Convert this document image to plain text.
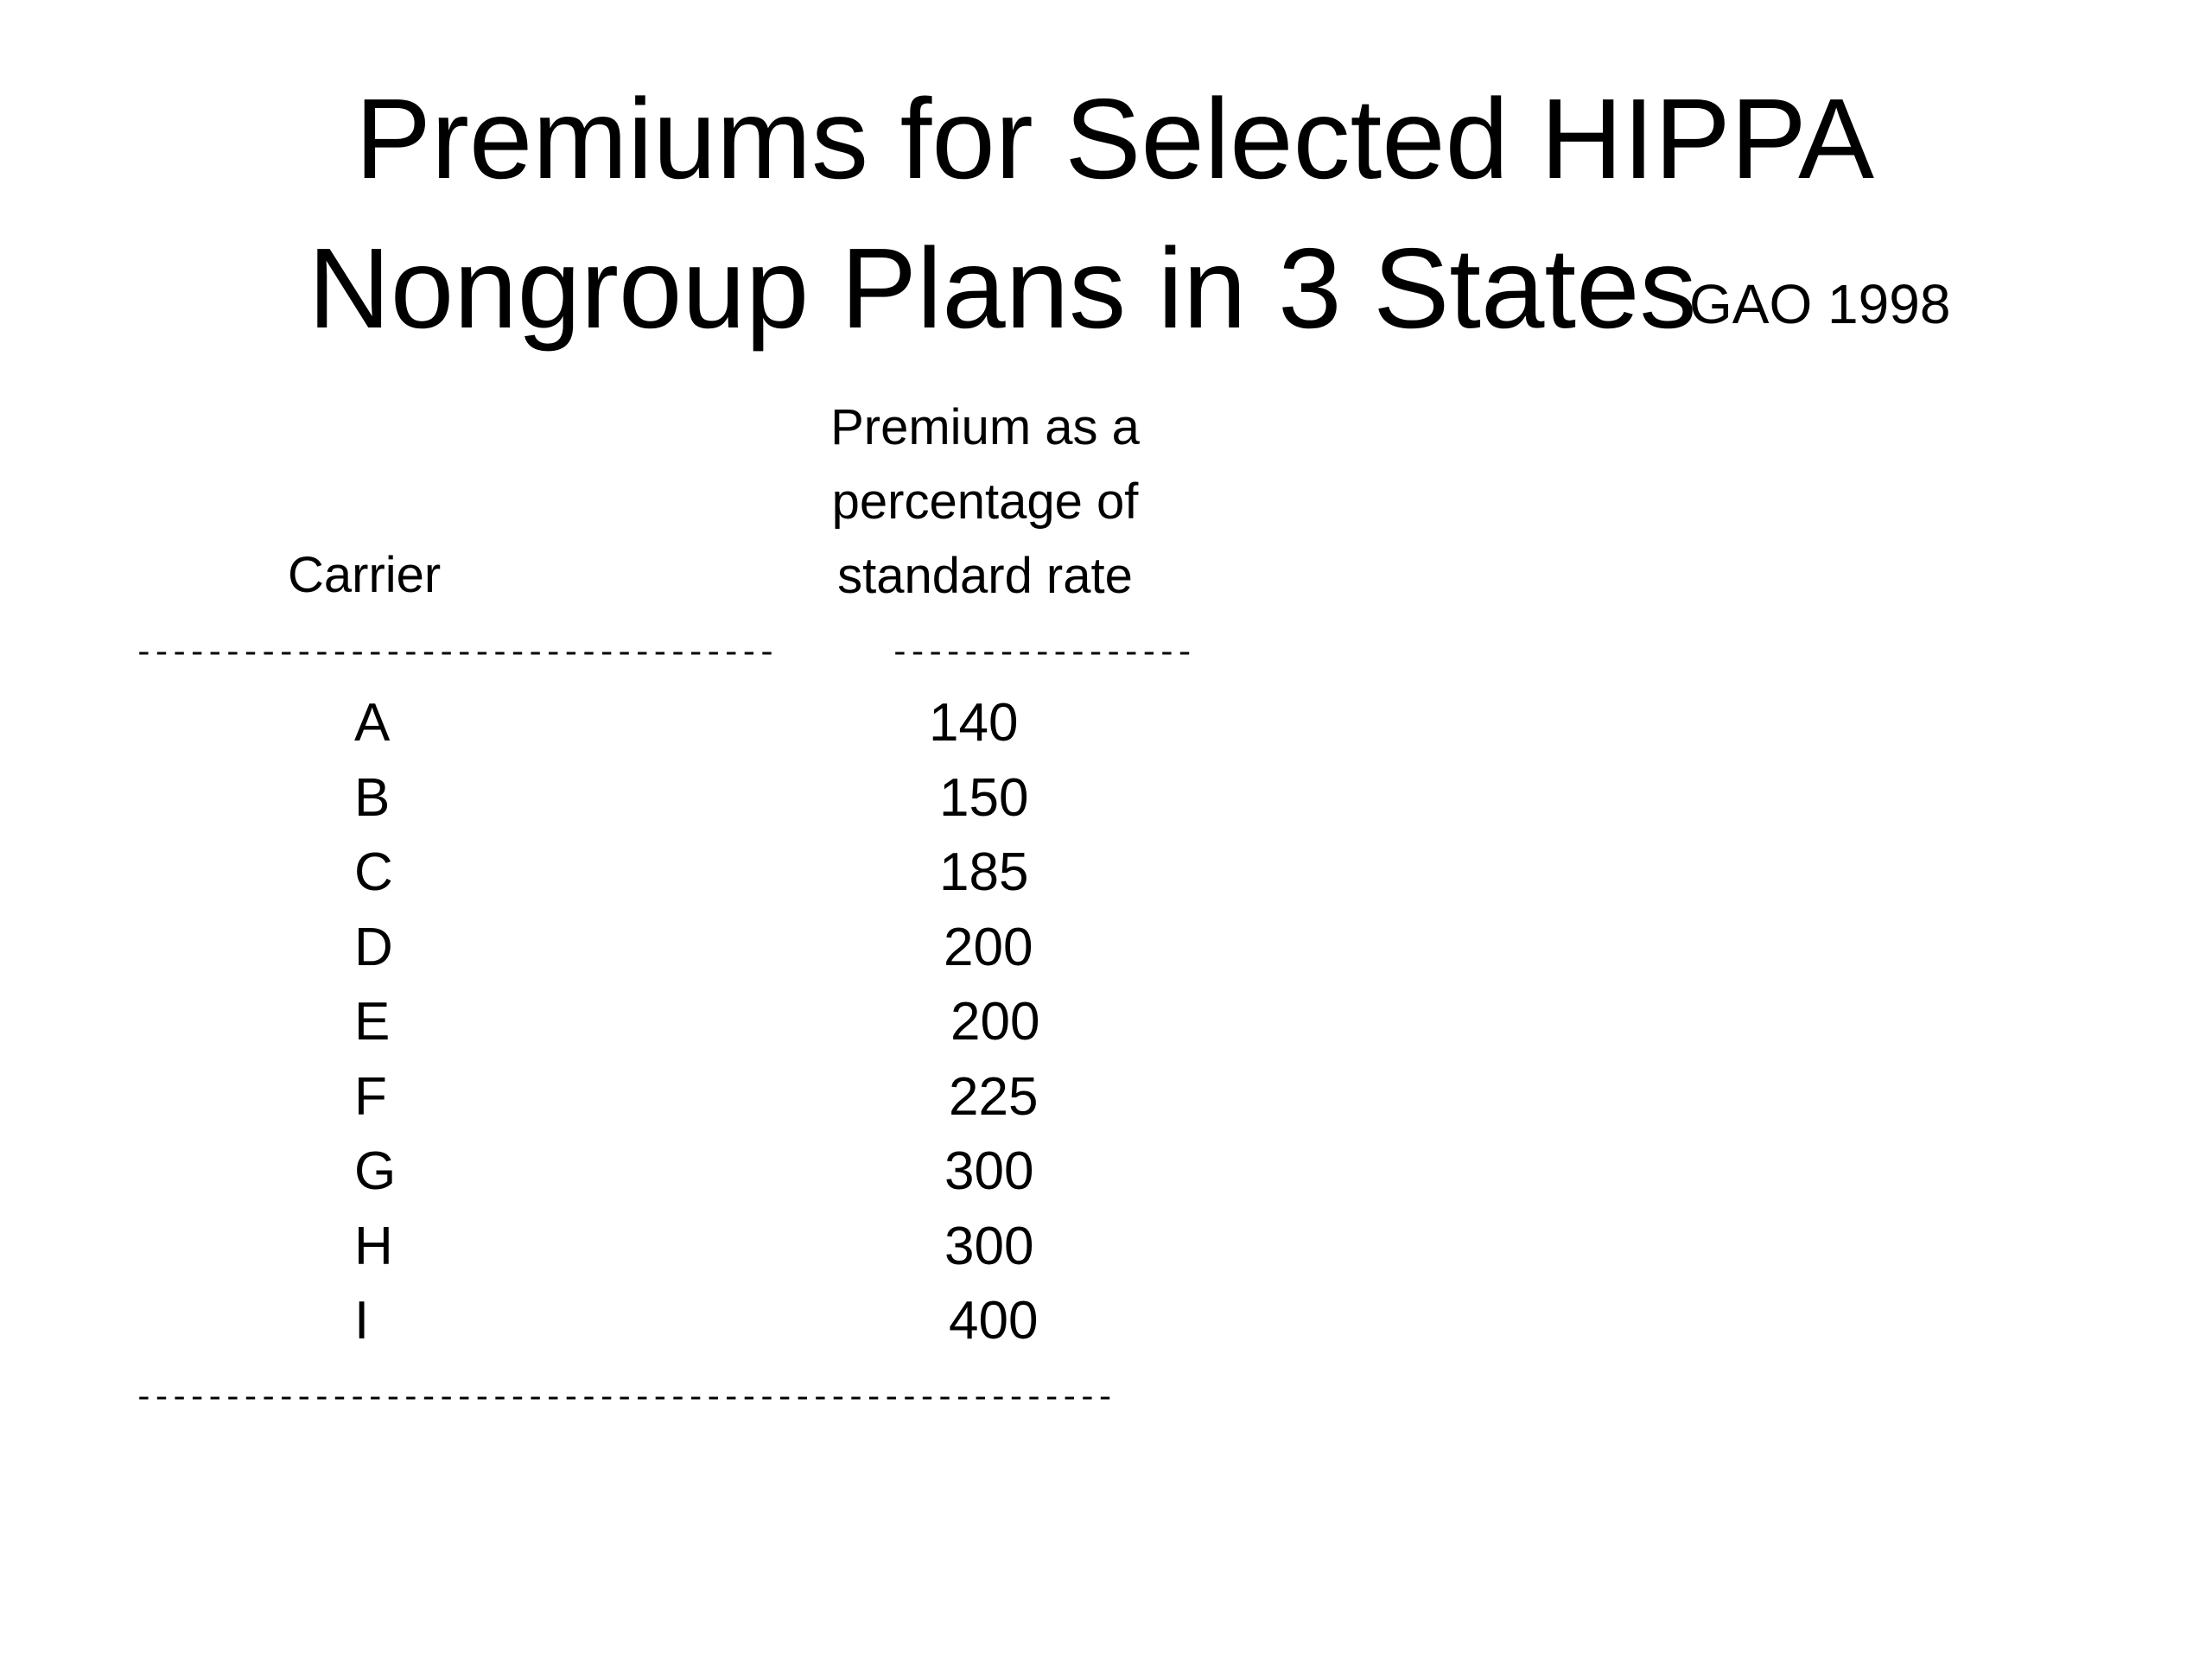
Premiums for Selected HIPPA
Nongroup Plans in 3 States
GAO 1998
Carrier
Premium as a
percentage of
standard rate
------------------------------------	-----------------
A	140
B	150
C	185
D	200
E	200
F	225
G	300
H	300
I	400
-------------------------------------------------------
